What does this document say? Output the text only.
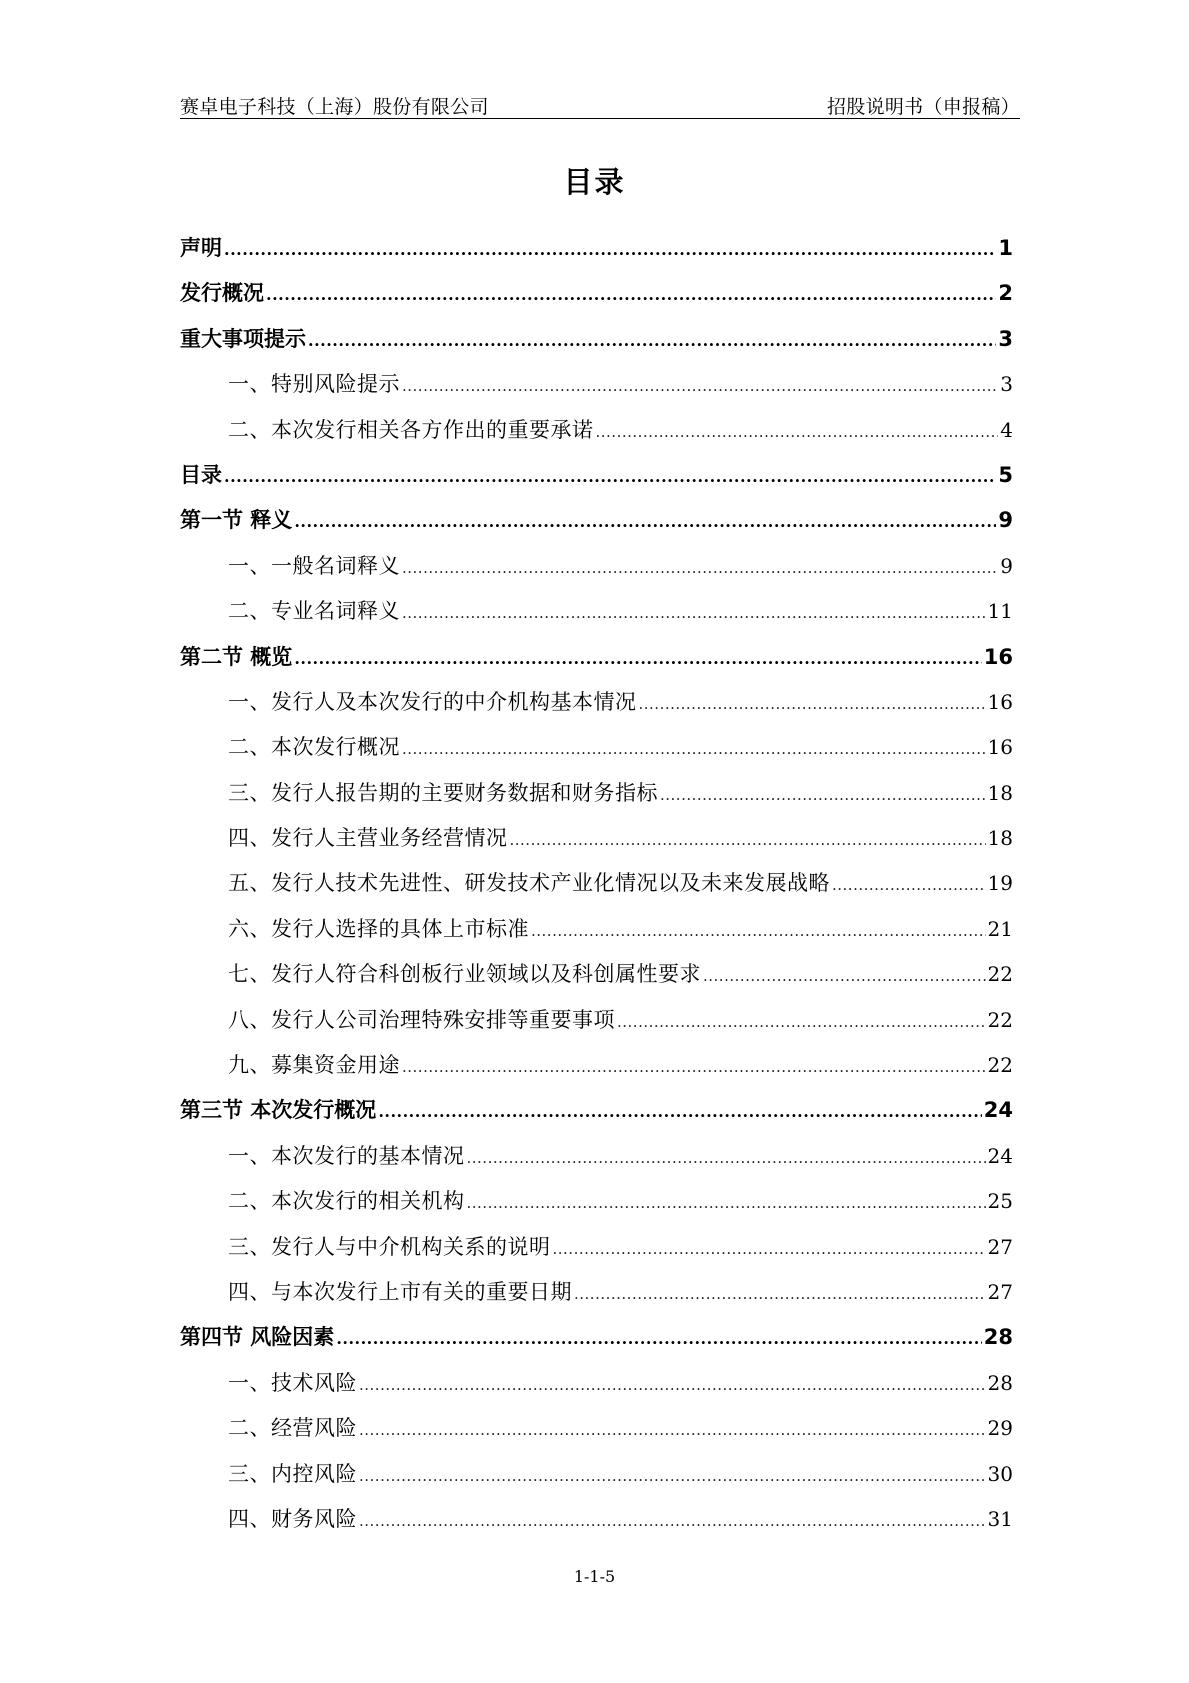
赛卓电子科技（上海）股份有限公司	招股说明书（申报稿）
目录
声明 .....	1
发行概况 .....	2
重大事项提示 .....	3
一、特别风险提示 .....	3
二、本次发行相关各方作出的重要承诺 .....	4
目录 .....	5
第一节 释义 .....	9
一、一般名词释义 .....	9
二、专业名词释义 .....	11
第二节 概览 .....	16
一、发行人及本次发行的中介机构基本情况 .....	16
二、本次发行概况 .....	16
三、发行人报告期的主要财务数据和财务指标 .....	18
四、发行人主营业务经营情况 .....	18
五、发行人技术先进性、研发技术产业化情况以及未来发展战略 .....	19
六、发行人选择的具体上市标准 .....	21
七、发行人符合科创板行业领域以及科创属性要求 .....	22
八、发行人公司治理特殊安排等重要事项 .....	22
九、募集资金用途 .....	22
第三节 本次发行概况 .....	24
一、本次发行的基本情况 .....	24
二、本次发行的相关机构 .....	25
三、发行人与中介机构关系的说明 .....	27
四、与本次发行上市有关的重要日期 .....	27
第四节 风险因素 .....	28
一、技术风险 .....	28
二、经营风险 .....	29
三、内控风险 .....	30
四、财务风险 .....	31
1-1-5
